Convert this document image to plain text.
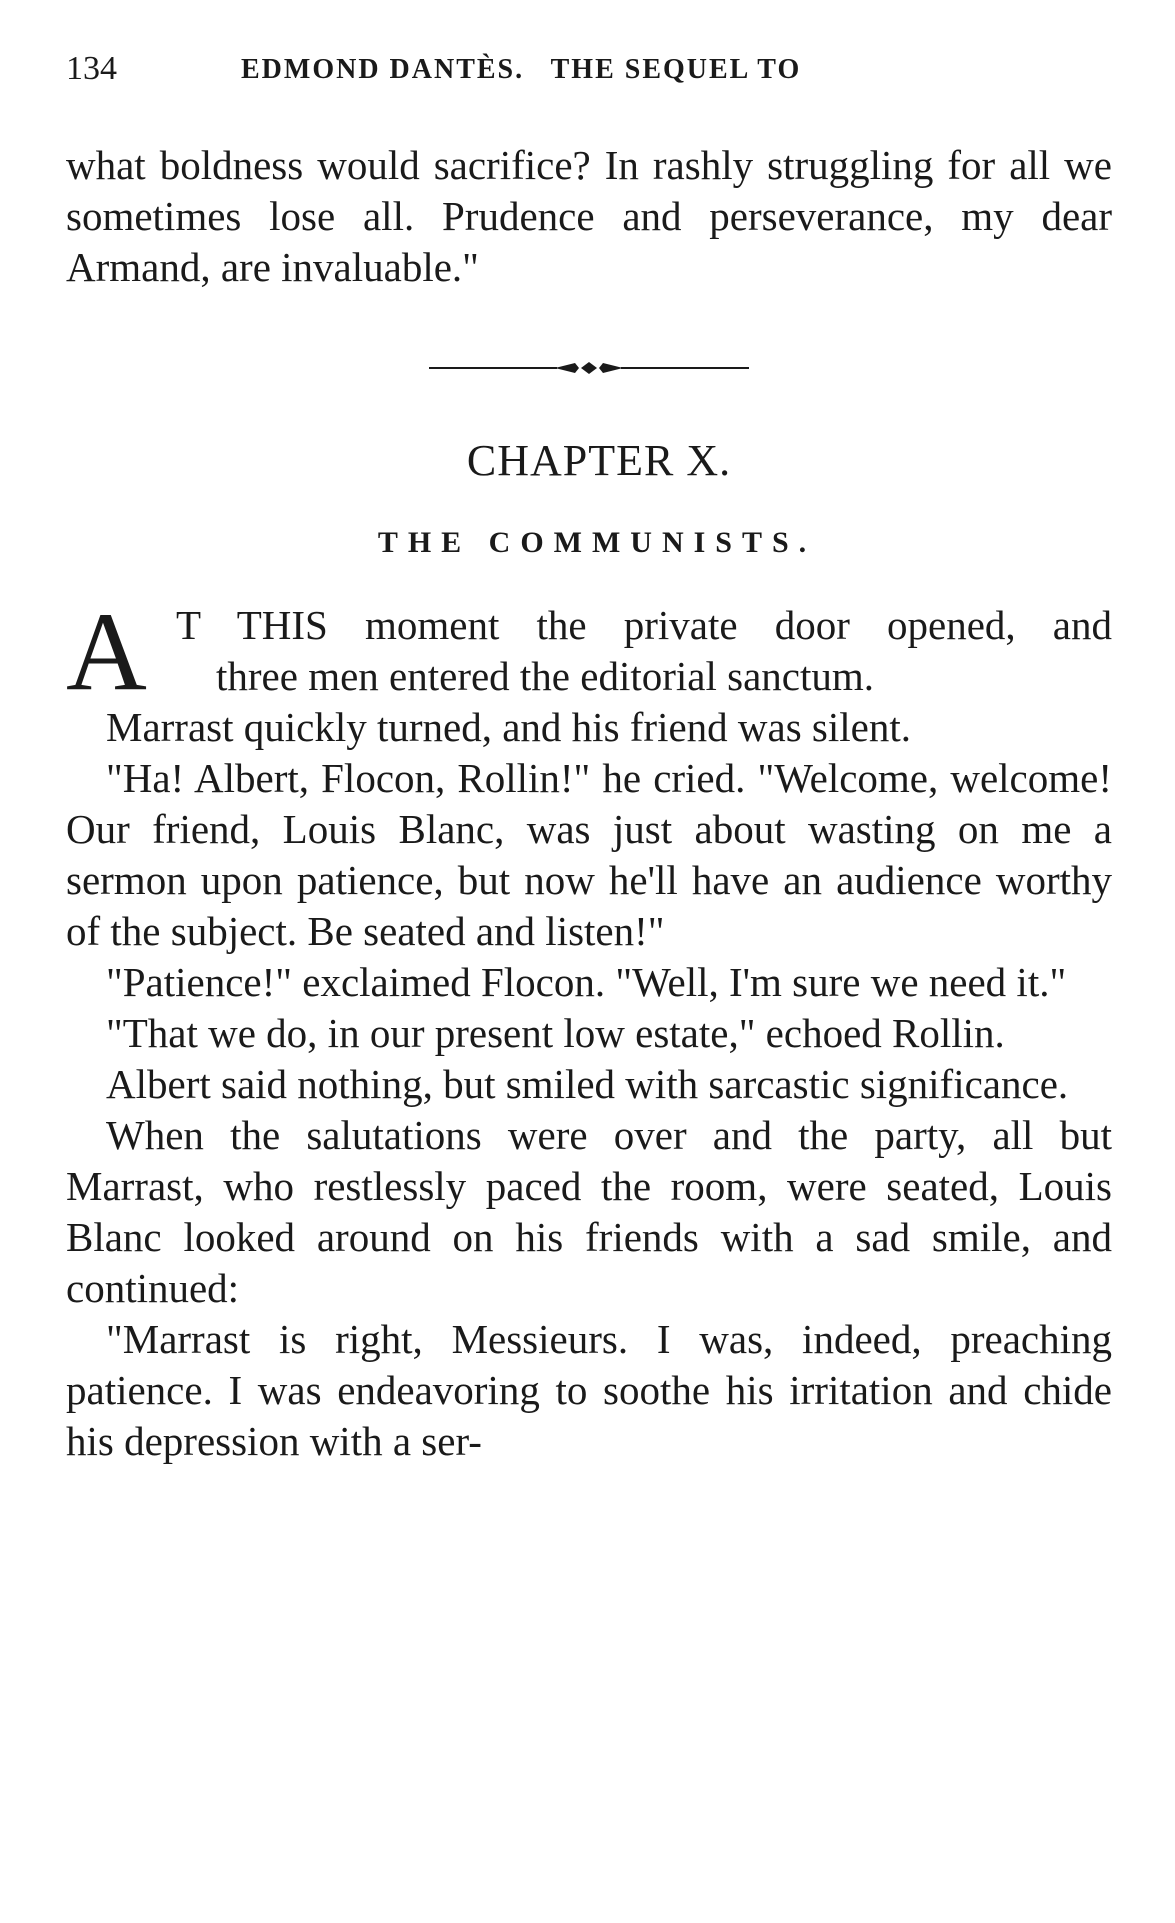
134	EDMOND DANTÈS.   THE SEQUEL TO

what boldness would sacrifice? In rashly struggling for all we sometimes lose all. Prudence and perseverance, my dear Armand, are invaluable."

CHAPTER X.
THE COMMUNISTS.
A T THIS moment the private door opened, and
three men entered the editorial sanctum.

Marrast quickly turned, and his friend was silent.

"Ha! Albert, Flocon, Rollin!" he cried. "Welcome, welcome! Our friend, Louis Blanc, was just about wasting on me a sermon upon patience, but now he'll have an audience worthy of the subject. Be seated and listen!"

"Patience!" exclaimed Flocon. "Well, I'm sure we need it."

"That we do, in our present low estate," echoed Rollin.

Albert said nothing, but smiled with sarcastic significance.

When the salutations were over and the party, all but Marrast, who restlessly paced the room, were seated, Louis Blanc looked around on his friends with a sad smile, and continued:

"Marrast is right, Messieurs. I was, indeed, preaching patience. I was endeavoring to soothe his irritation and chide his depression with a ser-
